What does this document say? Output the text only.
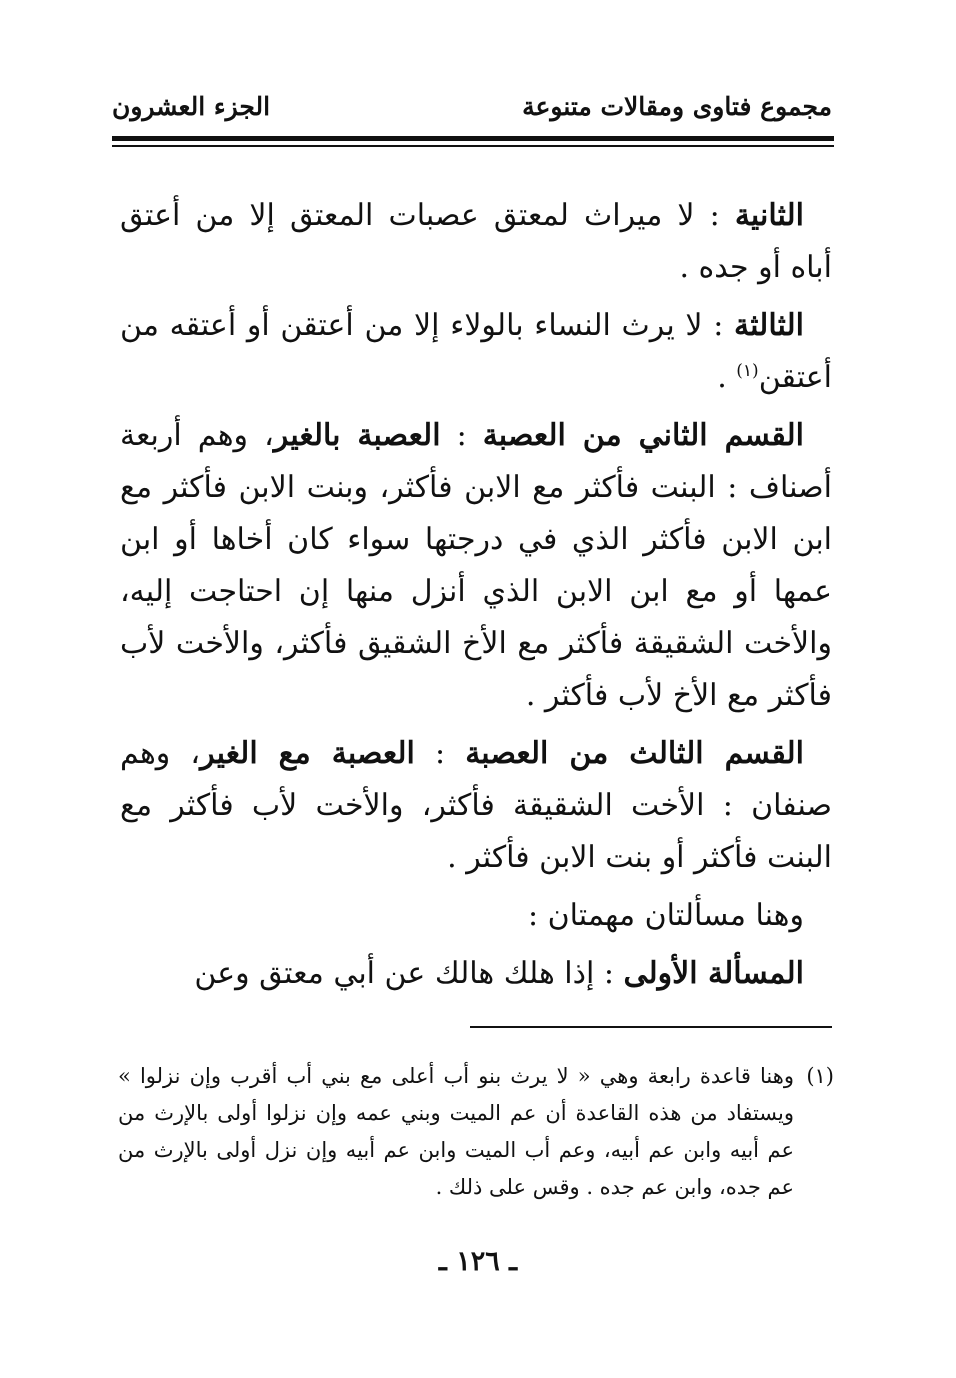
مجموع فتاوى ومقالات متنوعة
الجزء العشرون

الثانية : لا ميراث لمعتق عصبات المعتق إلا من أعتق أباه أو جده .

الثالثة : لا يرث النساء بالولاء إلا من أعتقن أو أعتقه من أعتقن$^{(١)}$ .

القسم الثاني من العصبة : العصبة بالغير، وهم أربعة أصناف : البنت فأكثر مع الابن فأكثر، وبنت الابن فأكثر مع ابن الابن فأكثر الذي في درجتها سواء كان أخاها أو ابن عمها أو مع ابن الابن الذي أنزل منها إن احتاجت إليه، والأخت الشقيقة فأكثر مع الأخ الشقيق فأكثر، والأخت لأب فأكثر مع الأخ لأب فأكثر .

القسم الثالث من العصبة : العصبة مع الغير، وهم صنفان : الأخت الشقيقة فأكثر، والأخت لأب فأكثر مع البنت فأكثر أو بنت الابن فأكثر .

وهنا مسألتان مهمتان :

المسألة الأولى : إذا هلك هالك عن أبي معتق وعن

(١)
وهنا قاعدة رابعة وهي « لا يرث بنو أب أعلى مع بني أب أقرب وإن نزلوا » ويستفاد من هذه القاعدة أن عم الميت وبني عمه وإن نزلوا أولى بالإرث من عم أبيه وابن عم أبيه، وعم أب الميت وابن عم أبيه وإن نزل أولى بالإرث من عم جده، وابن عم جده . وقس على ذلك .
ـ ١٢٦ ـ
